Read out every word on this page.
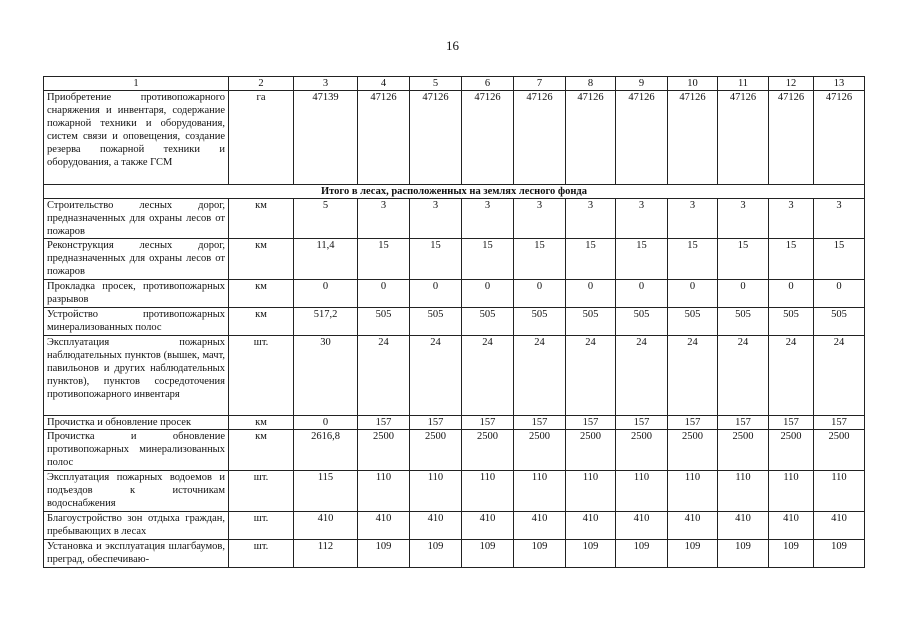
16
1	2	3	4	5	6	7	8	9	10	11	12	13
Приобретение противопожарного снаряжения и инвентаря, содержание пожарной техники и оборудования, систем связи и оповещения, создание резерва пожарной техники и оборудования, а также ГСМ	га	47139	47126	47126	47126	47126	47126	47126	47126	47126	47126	47126
Итого в лесах, расположенных на землях лесного фонда												
Строительство лесных дорог, предназначенных для охраны лесов от пожаров	км	5	3	3	3	3	3	3	3	3	3	3
Реконструкция лесных дорог, предназначенных для охраны лесов от пожаров	км	11,4	15	15	15	15	15	15	15	15	15	15
Прокладка просек, противопожарных разрывов	км	0	0	0	0	0	0	0	0	0	0	0
Устройство противопожарных минерализованных полос	км	517,2	505	505	505	505	505	505	505	505	505	505
Эксплуатация пожарных наблюдательных пунктов (вышек, мачт, павильонов и других наблюдательных пунктов), пунктов сосредоточения противопожарного инвентаря	шт.	30	24	24	24	24	24	24	24	24	24	24
Прочистка и обновление просек	км	0	157	157	157	157	157	157	157	157	157	157
Прочистка и обновление противопожарных минерализованных полос	км	2616,8	2500	2500	2500	2500	2500	2500	2500	2500	2500	2500
Эксплуатация пожарных водоемов и подъездов к источникам водоснабжения	шт.	115	110	110	110	110	110	110	110	110	110	110
Благоустройство зон отдыха граждан, пребывающих в лесах	шт.	410	410	410	410	410	410	410	410	410	410	410
Установка и эксплуатация шлагбаумов, преград, обеспечиваю-	шт.	112	109	109	109	109	109	109	109	109	109	109
